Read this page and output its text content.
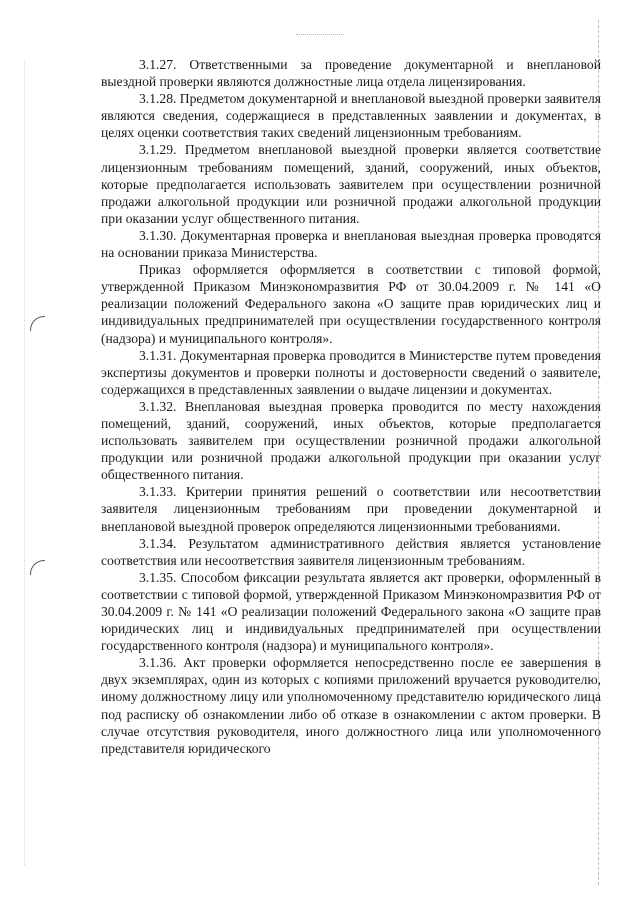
3.1.27. Ответственными за проведение документарной и внеплановой выездной проверки являются должностные лица отдела лицензирования.

3.1.28. Предметом документарной и внеплановой выездной проверки заявителя являются сведения, содержащиеся в представленных заявлении и документах, в целях оценки соответствия таких сведений лицензионным требованиям.

3.1.29. Предметом внеплановой выездной проверки является соответствие лицензионным требованиям помещений, зданий, сооружений, иных объектов, которые предполагается использовать заявителем при осуществлении розничной продажи алкогольной продукции или розничной продажи алкогольной продукции при оказании услуг общественного питания.

3.1.30. Документарная проверка и внеплановая выездная проверка проводятся на основании приказа Министерства.

Приказ оформляется оформляется в соответствии с типовой формой, утвержденной Приказом Минэкономразвития РФ от 30.04.2009 г. № 141 «О реализации положений Федерального закона «О защите прав юридических лиц и индивидуальных предпринимателей при осуществлении государственного контроля (надзора) и муниципального контроля».

3.1.31. Документарная проверка проводится в Министерстве путем проведения экспертизы документов и проверки полноты и достоверности сведений о заявителе, содержащихся в представленных заявлении о выдаче лицензии и документах.

3.1.32. Внеплановая выездная проверка проводится по месту нахождения помещений, зданий, сооружений, иных объектов, которые предполагается использовать заявителем при осуществлении розничной продажи алкогольной продукции или розничной продажи алкогольной продукции при оказании услуг общественного питания.

3.1.33. Критерии принятия решений о соответствии или несоответствии заявителя лицензионным требованиям при проведении документарной и внеплановой выездной проверок определяются лицензионными требованиями.

3.1.34. Результатом административного действия является установление соответствия или несоответствия заявителя лицензионным требованиям.

3.1.35. Способом фиксации результата является акт проверки, оформленный в соответствии с типовой формой, утвержденной Приказом Минэкономразвития РФ от 30.04.2009 г. № 141 «О реализации положений Федерального закона «О защите прав юридических лиц и индивидуальных предпринимателей при осуществлении государственного контроля (надзора) и муниципального контроля».

3.1.36. Акт проверки оформляется непосредственно после ее завершения в двух экземплярах, один из которых с копиями приложений вручается руководителю, иному должностному лицу или уполномоченному представителю юридического лица под расписку об ознакомлении либо об отказе в ознакомлении с актом проверки. В случае отсутствия руководителя, иного должностного лица или уполномоченного представителя юридического
